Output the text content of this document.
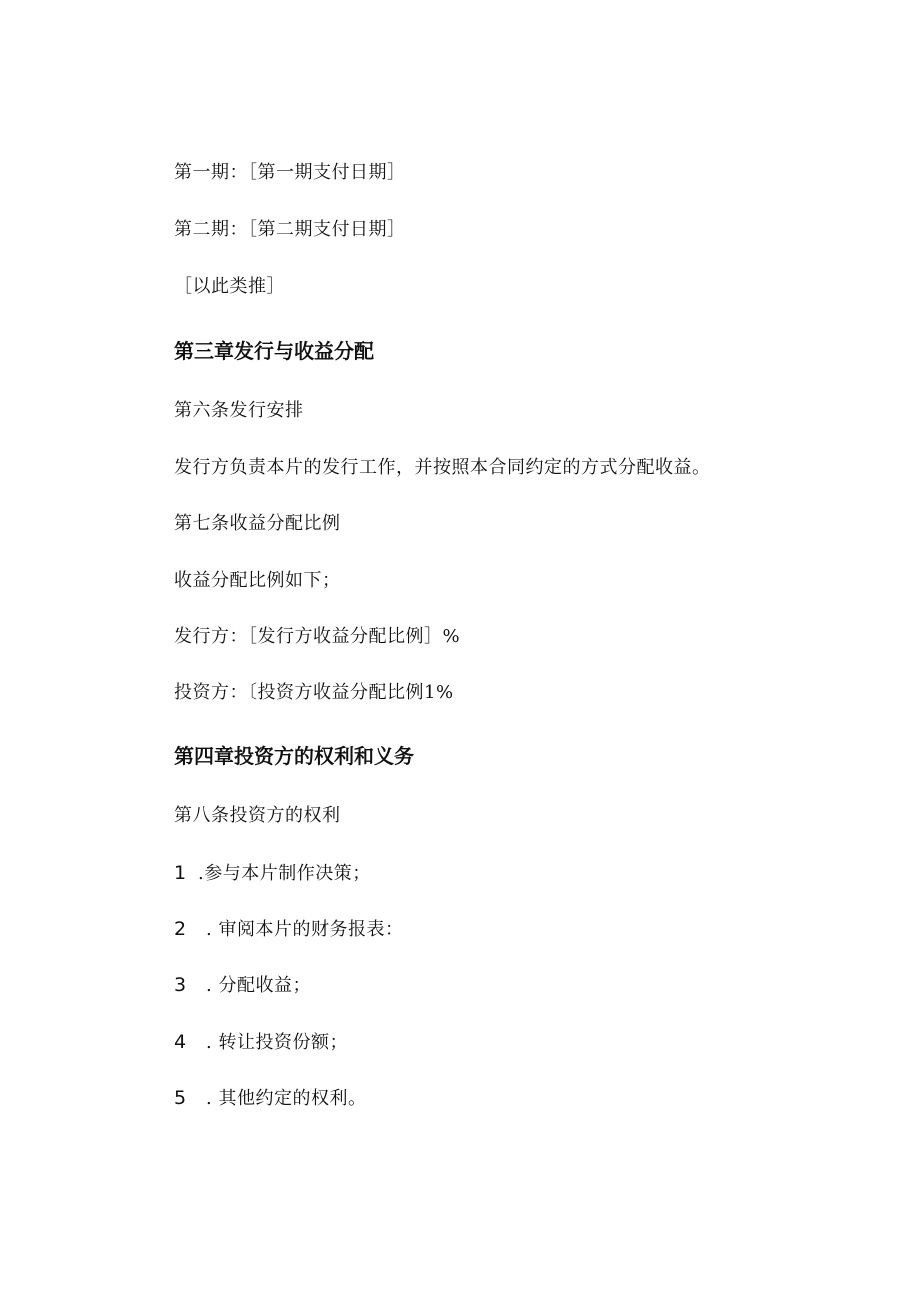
第一期：［第一期支付日期］
第二期：［第二期支付日期］
［以此类推］
第三章发行与收益分配
第六条发行安排
发行方负责本片的发行工作，并按照本合同约定的方式分配收益。
第七条收益分配比例
收益分配比例如下；
发行方：［发行方收益分配比例］%
投资方：〔投资方收益分配比例1%
第四章投资方的权利和义务
第八条投资方的权利
1 .参与本片制作决策；
2 . 审阅本片的财务报表：
3 . 分配收益；
4 . 转让投资份额；
5 . 其他约定的权利。
